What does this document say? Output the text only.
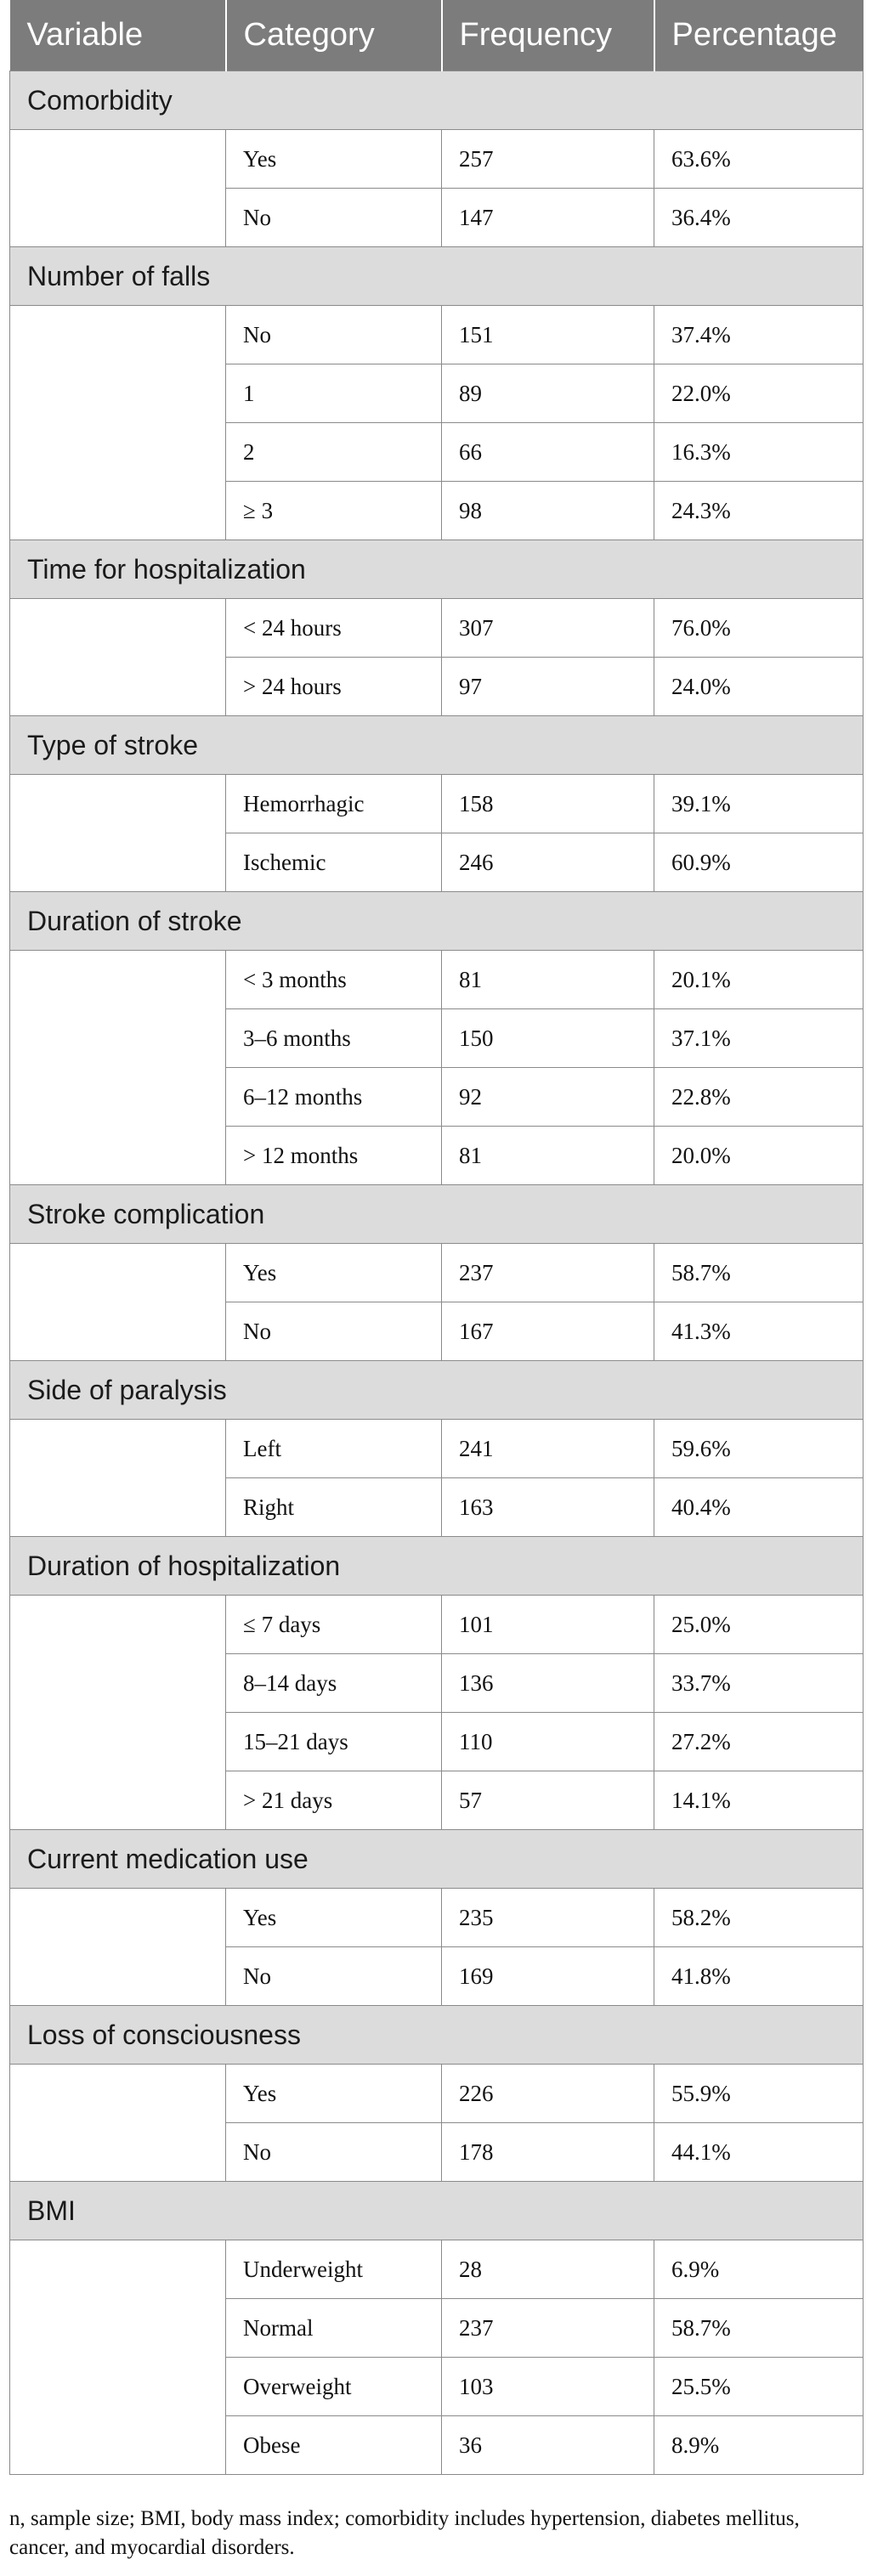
Variable	Category	Frequency	Percentage
Comorbidity			
	Yes	257	63.6%
	No	147	36.4%
Number of falls			
	No	151	37.4%
	1	89	22.0%
	2	66	16.3%
	≥ 3	98	24.3%
Time for hospitalization			
	< 24 hours	307	76.0%
	> 24 hours	97	24.0%
Type of stroke			
	Hemorrhagic	158	39.1%
	Ischemic	246	60.9%
Duration of stroke			
	< 3 months	81	20.1%
	3–6 months	150	37.1%
	6–12 months	92	22.8%
	> 12 months	81	20.0%
Stroke complication			
	Yes	237	58.7%
	No	167	41.3%
Side of paralysis			
	Left	241	59.6%
	Right	163	40.4%
Duration of hospitalization			
	≤ 7 days	101	25.0%
	8–14 days	136	33.7%
	15–21 days	110	27.2%
	> 21 days	57	14.1%
Current medication use			
	Yes	235	58.2%
	No	169	41.8%
Loss of consciousness			
	Yes	226	55.9%
	No	178	44.1%
BMI			
	Underweight	28	6.9%
	Normal	237	58.7%
	Overweight	103	25.5%
	Obese	36	8.9%
n, sample size; BMI, body mass index; comorbidity includes hypertension, diabetes mellitus, cancer, and myocardial disorders.
